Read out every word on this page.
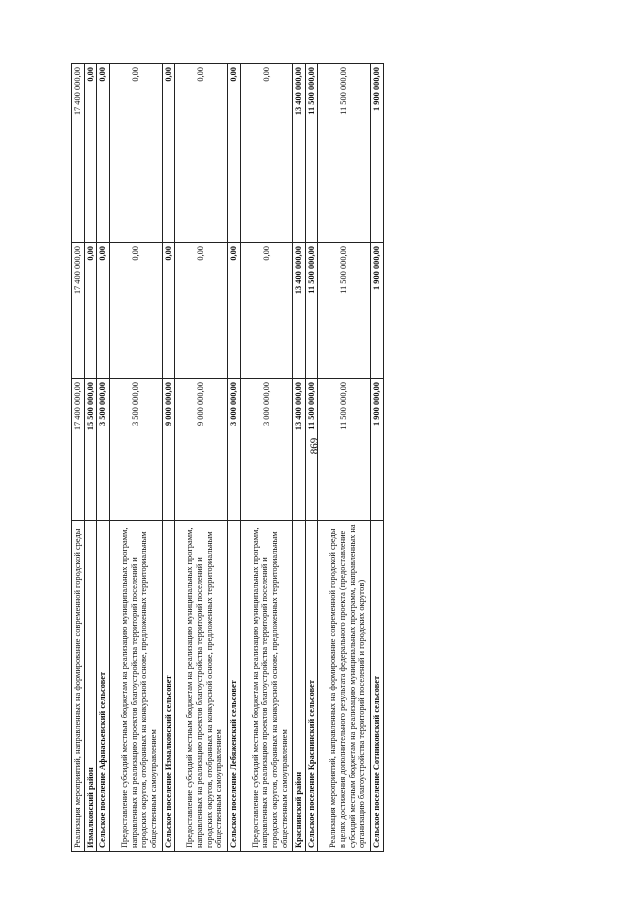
869
Реализация мероприятий, направленных на формирование современной городской среды	17 400 000,00	17 400 000,00	17 400 000,00
Измалковский район	15 500 000,00	0,00	0,00
Сельское поселение Афанасьевский сельсовет	3 500 000,00	0,00	0,00
Предоставление субсидий местным бюджетам на реализацию муниципальных программ, направленных на реализацию проектов благоустройства территорий поселений и городских округов, отобранных на конкурсной основе, предложенных территориальным общественным самоуправлением	3 500 000,00	0,00	0,00
Сельское поселение Измалковский сельсовет	9 000 000,00	0,00	0,00
Предоставление субсидий местным бюджетам на реализацию муниципальных программ, направленных на реализацию проектов благоустройства территорий поселений и городских округов, отобранных на конкурсной основе, предложенных территориальным общественным самоуправлением	9 000 000,00	0,00	0,00
Сельское поселение Лебяженский сельсовет	3 000 000,00	0,00	0,00
Предоставление субсидий местным бюджетам на реализацию муниципальных программ, направленных на реализацию проектов благоустройства территорий поселений и городских округов, отобранных на конкурсной основе, предложенных территориальным общественным самоуправлением	3 000 000,00	0,00	0,00
Краснинский район	13 400 000,00	13 400 000,00	13 400 000,00
Сельское поселение Краснинский сельсовет	11 500 000,00	11 500 000,00	11 500 000,00
Реализация мероприятий, направленных на формирование современной городской среды в целях достижения дополнительного результата федерального проекта (предоставление субсидий местным бюджетам на реализацию муниципальных программ, направленных на организацию благоустройства территорий поселений и городских округов)	11 500 000,00	11 500 000,00	11 500 000,00
Сельское поселение Сотниковский сельсовет	1 900 000,00	1 900 000,00	1 900 000,00
